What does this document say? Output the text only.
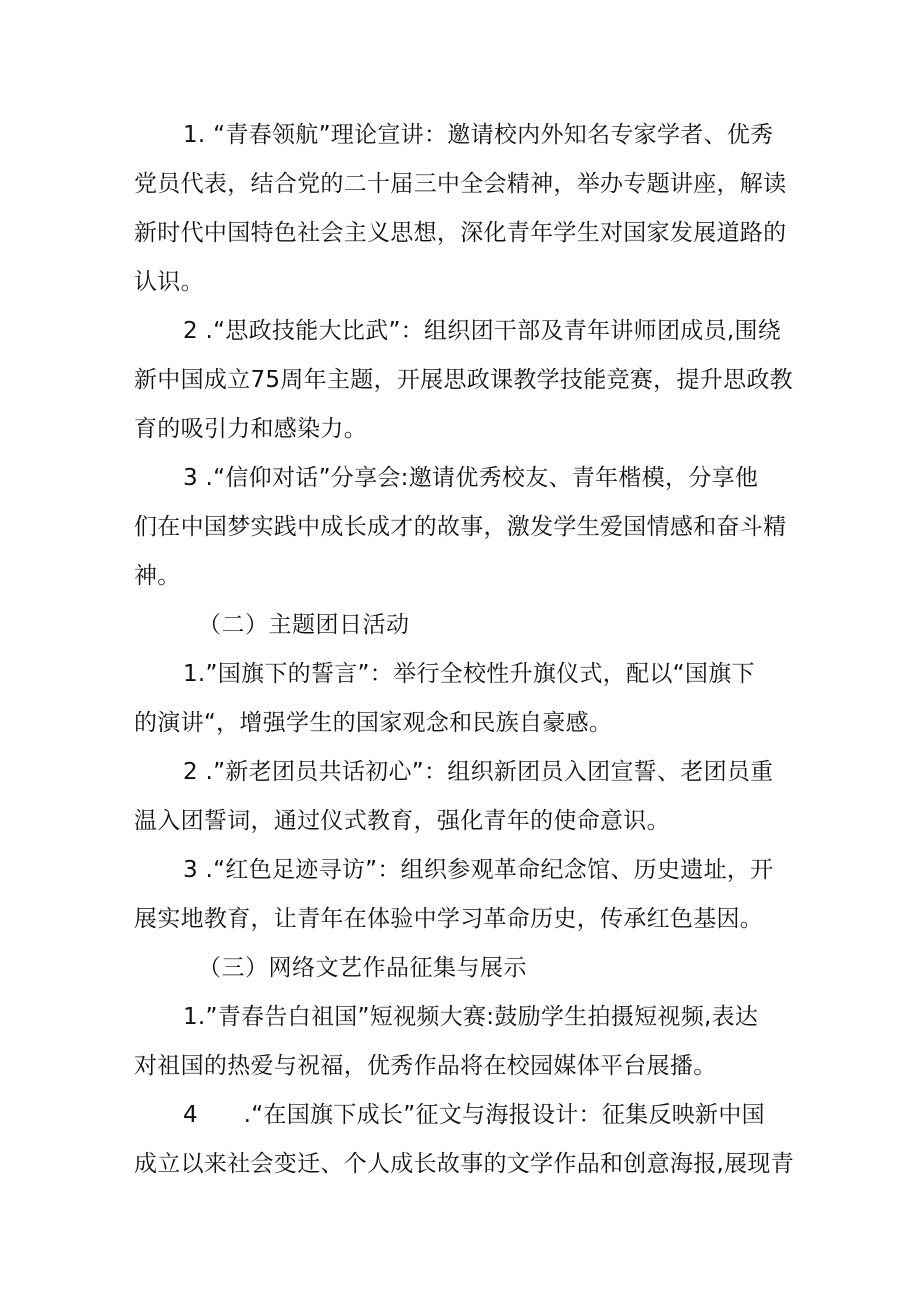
1. “青春领航”理论宣讲：邀请校内外知名专家学者、优秀
党员代表，结合党的二十届三中全会精神，举办专题讲座，解读
新时代中国特色社会主义思想，深化青年学生对国家发展道路的
认识。
2 .“思政技能大比武”：组织团干部及青年讲师团成员,围绕
新中国成立75周年主题，开展思政课教学技能竞赛，提升思政教
育的吸引力和感染力。
3 .“信仰对话”分享会:邀请优秀校友、青年楷模，分享他
们在中国梦实践中成长成才的故事，激发学生爱国情感和奋斗精
神。
（二）主题团日活动
1.”国旗下的誓言”：举行全校性升旗仪式，配以“国旗下
的演讲“，增强学生的国家观念和民族自豪感。
2 .”新老团员共话初心”：组织新团员入团宣誓、老团员重
温入团誓词，通过仪式教育，强化青年的使命意识。
3 .“红色足迹寻访”：组织参观革命纪念馆、历史遗址，开
展实地教育，让青年在体验中学习革命历史，传承红色基因。
（三）网络文艺作品征集与展示
1.”青春告白祖国”短视频大赛:鼓励学生拍摄短视频,表达
对祖国的热爱与祝福，优秀作品将在校园媒体平台展播。
4      .“在国旗下成长”征文与海报设计：征集反映新中国
成立以来社会变迁、个人成长故事的文学作品和创意海报,展现青
